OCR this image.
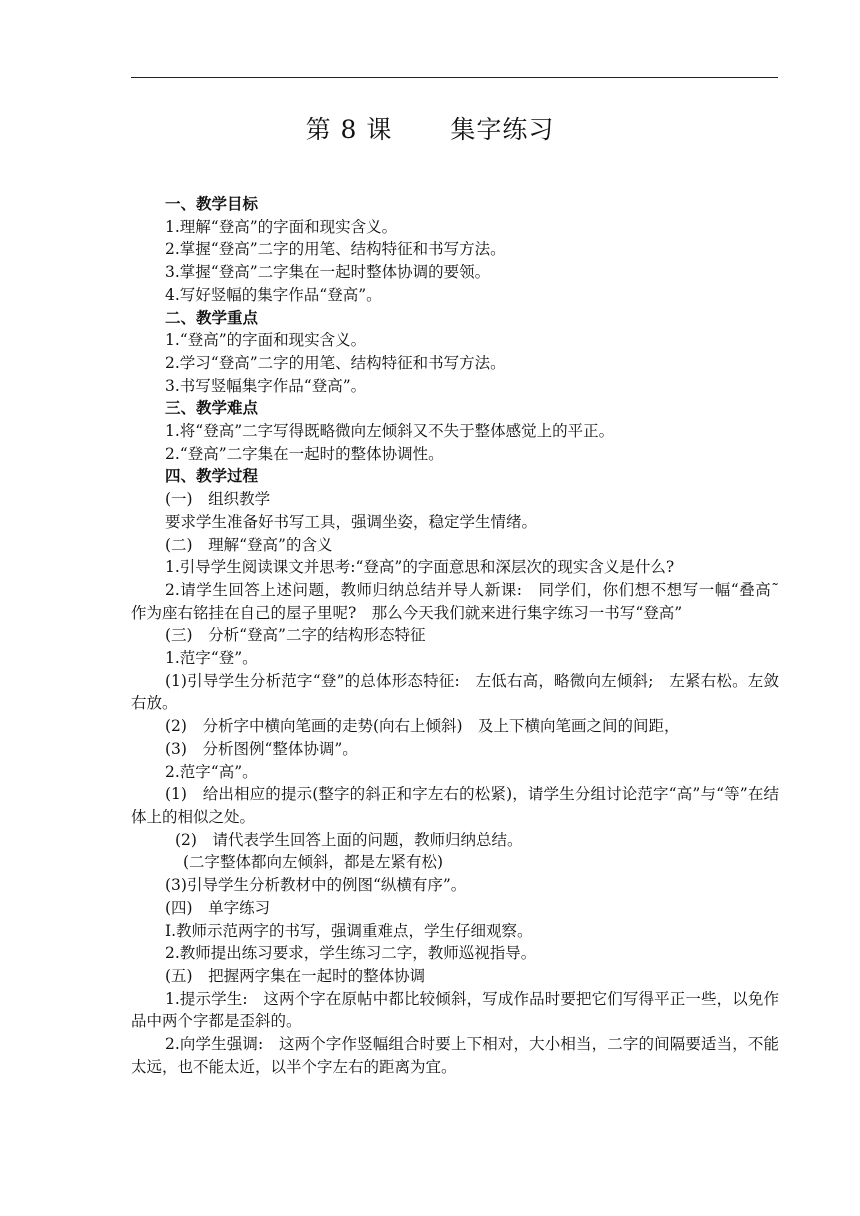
第 8 课 集字练习
一、教学目标
1.理解“登高”的字面和现实含义。
2.掌握“登高”二字的用笔、结构特征和书写方法。
3.掌握“登高”二字集在一起时整体协调的要领。
4.写好竖幅的集字作品“登高”。
二、教学重点
1.“登高”的字面和现实含义。
2.学习“登高”二字的用笔、结构特征和书写方法。
3.书写竖幅集字作品“登高”。
三、教学难点
1.将“登高”二字写得既略微向左倾斜又不失于整体感觉上的平正。
2.“登高”二字集在一起时的整体协调性。
四、教学过程
(一)　组织教学
要求学生准备好书写工具，强调坐姿，稳定学生情绪。
(二)　理解“登高”的含义
1.引导学生阅读课文并思考:“登高”的字面意思和深层次的现实含义是什么?
2.请学生回答上述问题，教师归纳总结并导人新课:　同学们，你们想不想写一幅“叠高˜　作为座右铭挂在自己的屋子里呢?　那么今天我们就来进行集字练习一书写“登高”
(三)　分析“登高”二字的结构形态特征
1.范字“登”。
(1)引导学生分析范字“登”的总体形态特征:　左低右高，略微向左倾斜;　左紧右松。左敛右放。
(2)　分析字中横向笔画的走势(向右上倾斜)　及上下横向笔画之间的间距，
(3)　分析图例“整体协调”。
2.范字“高”。
(1)　给出相应的提示(整字的斜正和字左右的松紧)，请学生分组讨论范字“高”与“等”在结体上的相似之处。
(2)　请代表学生回答上面的问题，教师归纳总结。
(二字整体都向左倾斜，都是左紧有松)
(3)引导学生分析教材中的例图“纵横有序”。
(四)　单字练习
I.教师示范两字的书写，强调重难点，学生仔细观察。
2.教师提出练习要求，学生练习二字，教师巡视指导。
(五)　把握两字集在一起时的整体协调
1.提示学生:　这两个字在原帖中都比较倾斜，写成作品时要把它们写得平正一些，以免作品中两个字都是歪斜的。
2.向学生强调:　这两个字作竖幅组合时要上下相对，大小相当，二字的间隔要适当，不能太远，也不能太近，以半个字左右的距离为宜。
